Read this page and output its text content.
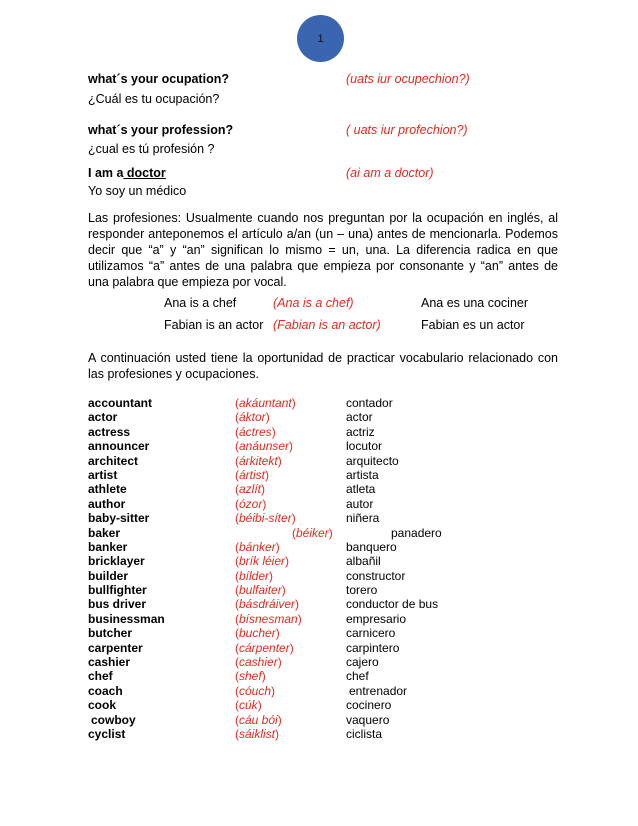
1
what´s your ocupation?	(uats iur ocupechion?)
¿Cuál es tu ocupación?
what´s your profession?	( uats iur profechion?)
¿cual es tú profesión ?
I am a doctor	(ai am a doctor)
Yo soy un médico
Las profesiones: Usualmente cuando nos preguntan por la ocupación en inglés, al responder anteponemos el artículo a/an (un – una) antes de mencionarla. Podemos decir que “a” y “an” significan lo mismo = un, una. La diferencia radica en que utilizamos “a” antes de una palabra que empieza por consonante y “an” antes de una palabra que empieza por vocal.
Ana is a chef	(Ana is a chef)	Ana es una cociner
Fabian is an actor (Fabian is an actor)	Fabian es un actor
A continuación usted tiene la oportunidad de practicar vocabulario relacionado con las profesiones y ocupaciones.
accountant	(akáuntant)	contador
actor	(áktor)	actor
actress	(áctres)	actriz
announcer	(anáunser)	locutor
architect	(árkitekt)	arquitecto
artist	(ártist)	artista
athlete	(azlít)	atleta
author	(ózor)	autor
baby-sitter	(béibi-síter)	niñera
baker	(béiker)	panadero
banker	(bánker)	banquero
bricklayer	(brík léier)	albañil
builder	(bílder)	constructor
bullfighter	(bulfaiter)	torero
bus driver	(básdráiver)	conductor de bus
businessman	(bísnesman)	empresario
butcher	(bucher)	carnicero
carpenter	(cárpenter)	carpintero
cashier	(cashier)	cajero
chef	(shef)	chef
coach	(cóuch)	entrenador
cook	(cúk)	cocinero
cowboy	(cáu bói)	vaquero
cyclist	(sáiklist)	ciclista
